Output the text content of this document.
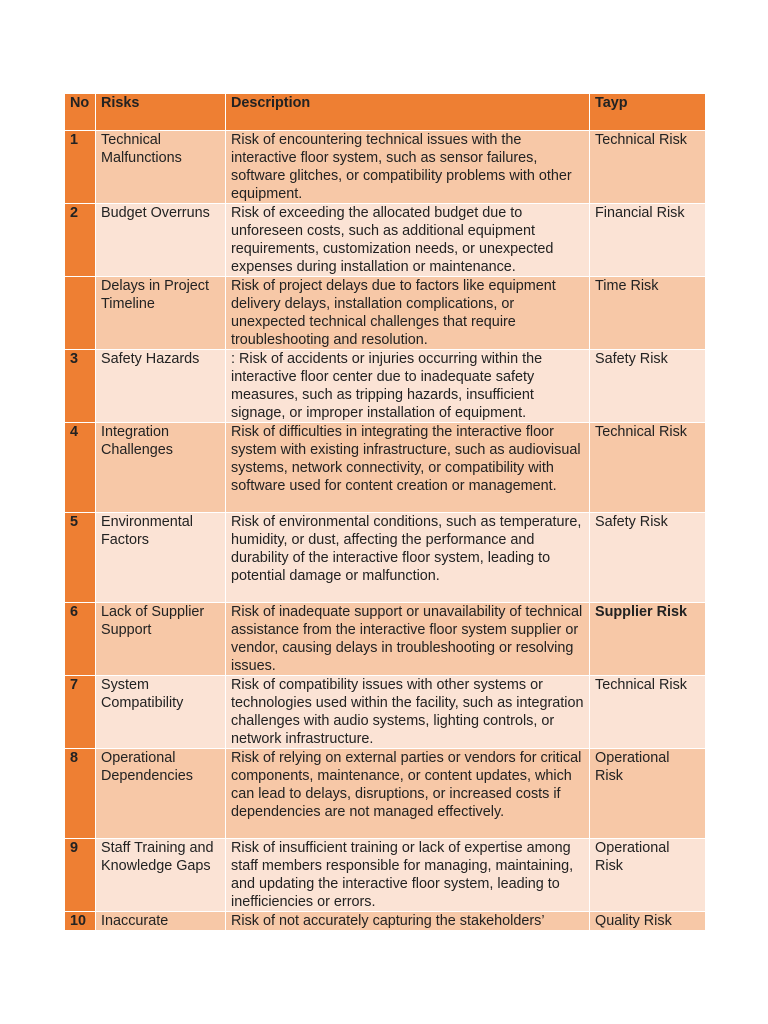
No	Risks	Description	Tayp
1	Technical Malfunctions	Risk of encountering technical issues with the interactive floor system, such as sensor failures, software glitches, or compatibility problems with other equipment.	Technical Risk
2	Budget Overruns	Risk of exceeding the allocated budget due to unforeseen costs, such as additional equipment requirements, customization needs, or unexpected expenses during installation or maintenance.	Financial Risk
	Delays in Project Timeline	Risk of project delays due to factors like equipment delivery delays, installation complications, or unexpected technical challenges that require troubleshooting and resolution.	Time Risk
3	Safety Hazards	: Risk of accidents or injuries occurring within the interactive floor center due to inadequate safety measures, such as tripping hazards, insufficient signage, or improper installation of equipment.	Safety Risk
4	Integration Challenges	Risk of difficulties in integrating the interactive floor system with existing infrastructure, such as audiovisual systems, network connectivity, or compatibility with software used for content creation or management.	Technical Risk
5	Environmental Factors	Risk of environmental conditions, such as temperature, humidity, or dust, affecting the performance and durability of the interactive floor system, leading to potential damage or malfunction.	Safety Risk
6	Lack of Supplier Support	Risk of inadequate support or unavailability of technical assistance from the interactive floor system supplier or vendor, causing delays in troubleshooting or resolving issues.	Supplier Risk
7	System Compatibility	Risk of compatibility issues with other systems or technologies used within the facility, such as integration challenges with audio systems, lighting controls, or network infrastructure.	Technical Risk
8	Operational Dependencies	Risk of relying on external parties or vendors for critical components, maintenance, or content updates, which can lead to delays, disruptions, or increased costs if dependencies are not managed effectively.	Operational Risk
9	Staff Training and Knowledge Gaps	Risk of insufficient training or lack of expertise among staff members responsible for managing, maintaining, and updating the interactive floor system, leading to inefficiencies or errors.	Operational Risk
10	Inaccurate	Risk of not accurately capturing the stakeholders’	Quality Risk
